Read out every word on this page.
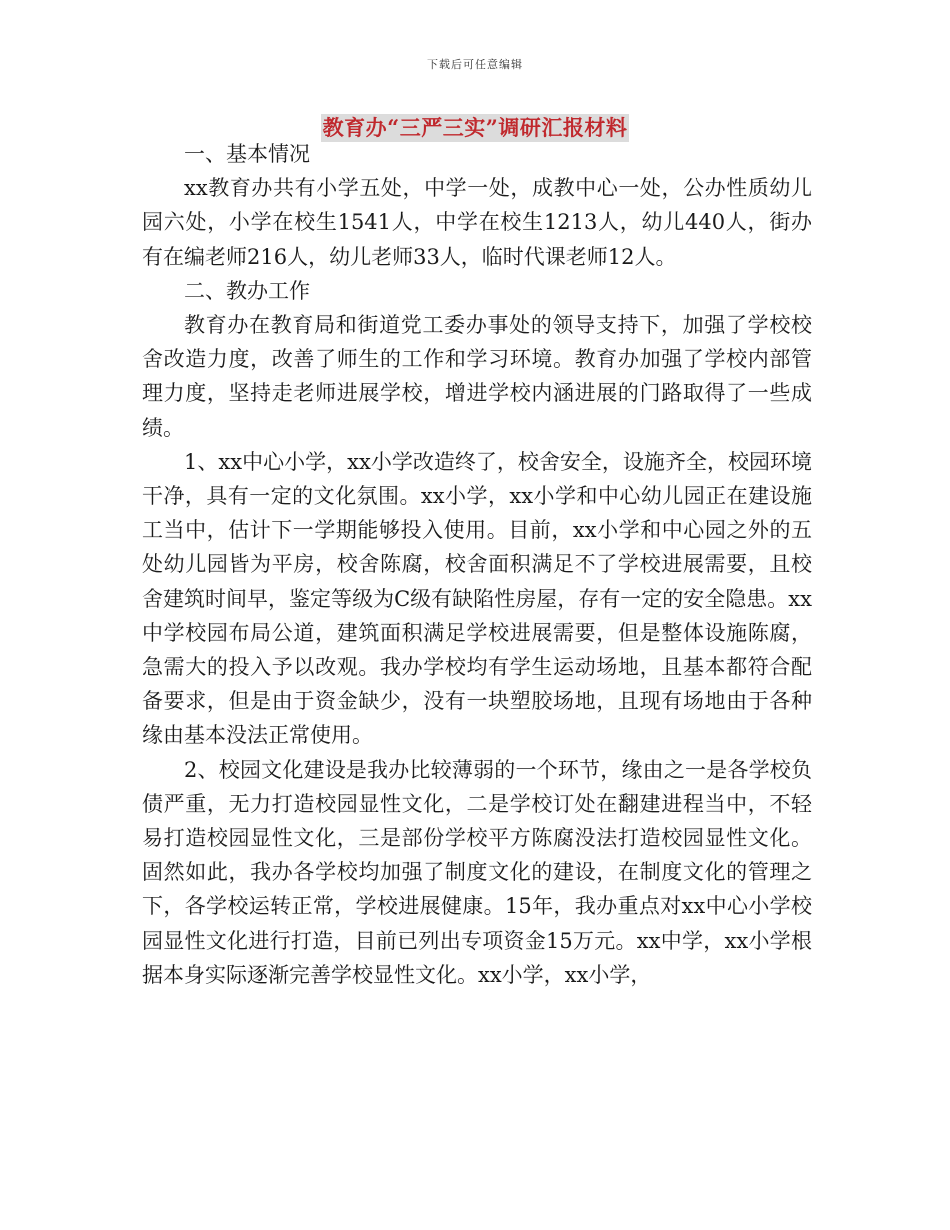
下载后可任意编辑
教育办“三严三实”调研汇报材料

一、基本情况

xx教育办共有小学五处，中学一处，成教中心一处，公办性质幼儿园六处，小学在校生1541人，中学在校生1213人，幼儿440人，街办有在编老师216人，幼儿老师33人，临时代课老师12人。

二、教办工作

教育办在教育局和街道党工委办事处的领导支持下，加强了学校校舍改造力度，改善了师生的工作和学习环境。教育办加强了学校内部管理力度，坚持走老师进展学校，增进学校内涵进展的门路取得了一些成绩。

1、xx中心小学，xx小学改造终了，校舍安全，设施齐全，校园环境干净，具有一定的文化氛围。xx小学，xx小学和中心幼儿园正在建设施工当中，估计下一学期能够投入使用。目前，xx小学和中心园之外的五处幼儿园皆为平房，校舍陈腐，校舍面积满足不了学校进展需要，且校舍建筑时间早，鉴定等级为C级有缺陷性房屋，存有一定的安全隐患。xx中学校园布局公道，建筑面积满足学校进展需要，但是整体设施陈腐，急需大的投入予以改观。我办学校均有学生运动场地，且基本都符合配备要求，但是由于资金缺少，没有一块塑胶场地，且现有场地由于各种缘由基本没法正常使用。

2、校园文化建设是我办比较薄弱的一个环节，缘由之一是各学校负债严重，无力打造校园显性文化，二是学校订处在翻建进程当中，不轻易打造校园显性文化，三是部份学校平方陈腐没法打造校园显性文化。固然如此，我办各学校均加强了制度文化的建设，在制度文化的管理之下，各学校运转正常，学校进展健康。15年，我办重点对xx中心小学校园显性文化进行打造，目前已列出专项资金15万元。xx中学，xx小学根据本身实际逐渐完善学校显性文化。xx小学，xx小学，
